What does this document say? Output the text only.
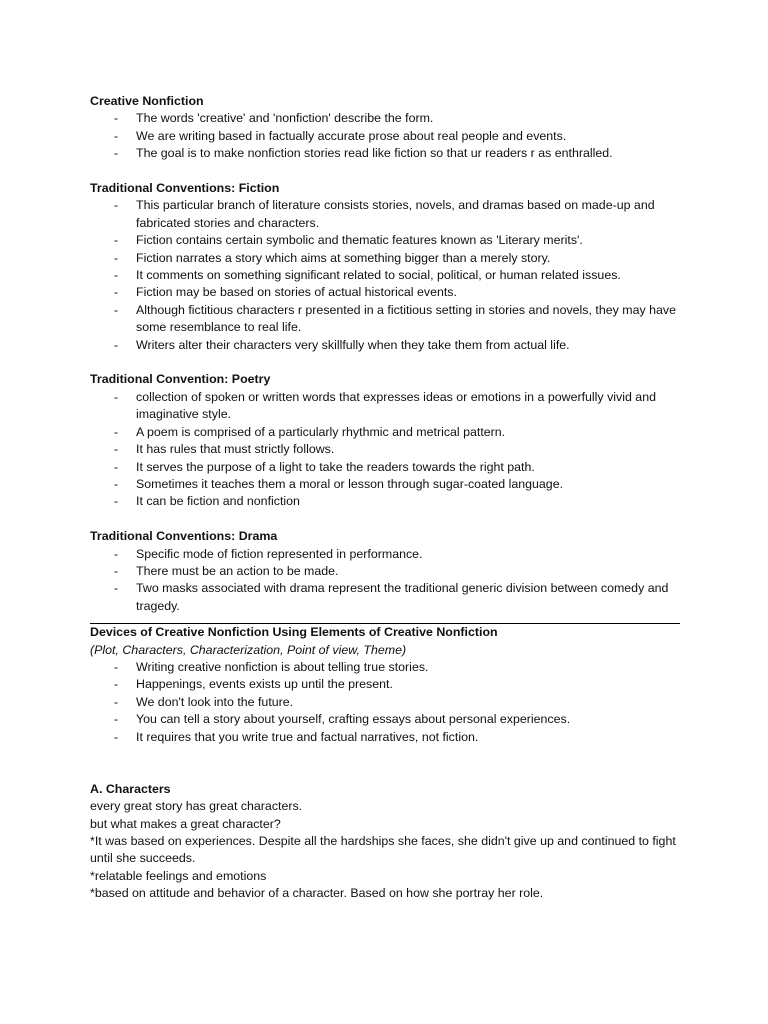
Creative Nonfiction

- The words 'creative' and 'nonfiction' describe the form.
- We are writing based in factually accurate prose about real people and events.
- The goal is to make nonfiction stories read like fiction so that ur readers r as enthralled.

Traditional Conventions: Fiction

- This particular branch of literature consists stories, novels, and dramas based on made-up and fabricated stories and characters.
- Fiction contains certain symbolic and thematic features known as 'Literary merits'.
- Fiction narrates a story which aims at something bigger than a merely story.
- It comments on something significant related to social, political, or human related issues.
- Fiction may be based on stories of actual historical events.
- Although fictitious characters r presented in a fictitious setting in stories and novels, they may have some resemblance to real life.
- Writers alter their characters very skillfully when they take them from actual life.

Traditional Convention: Poetry

- collection of spoken or written words that expresses ideas or emotions in a powerfully vivid and imaginative style.
- A poem is comprised of a particularly rhythmic and metrical pattern.
- It has rules that must strictly follows.
- It serves the purpose of a light to take the readers towards the right path.
- Sometimes it teaches them a moral or lesson through sugar-coated language.
- It can be fiction and nonfiction

Traditional Conventions: Drama

- Specific mode of fiction represented in performance.
- There must be an action to be made.
- Two masks associated with drama represent the traditional generic division between comedy and tragedy.

Devices of Creative Nonfiction Using Elements of Creative Nonfiction

(Plot, Characters, Characterization, Point of view, Theme)

- Writing creative nonfiction is about telling true stories.
- Happenings, events exists up until the present.
- We don't look into the future.
- You can tell a story about yourself, crafting essays about personal experiences.
- It requires that you write true and factual narratives, not fiction.

A. Characters

every great story has great characters.

but what makes a great character?

*It was based on experiences. Despite all the hardships she faces, she didn't give up and continued to fight until she succeeds.

*relatable feelings and emotions

*based on attitude and behavior of a character. Based on how she portray her role.
